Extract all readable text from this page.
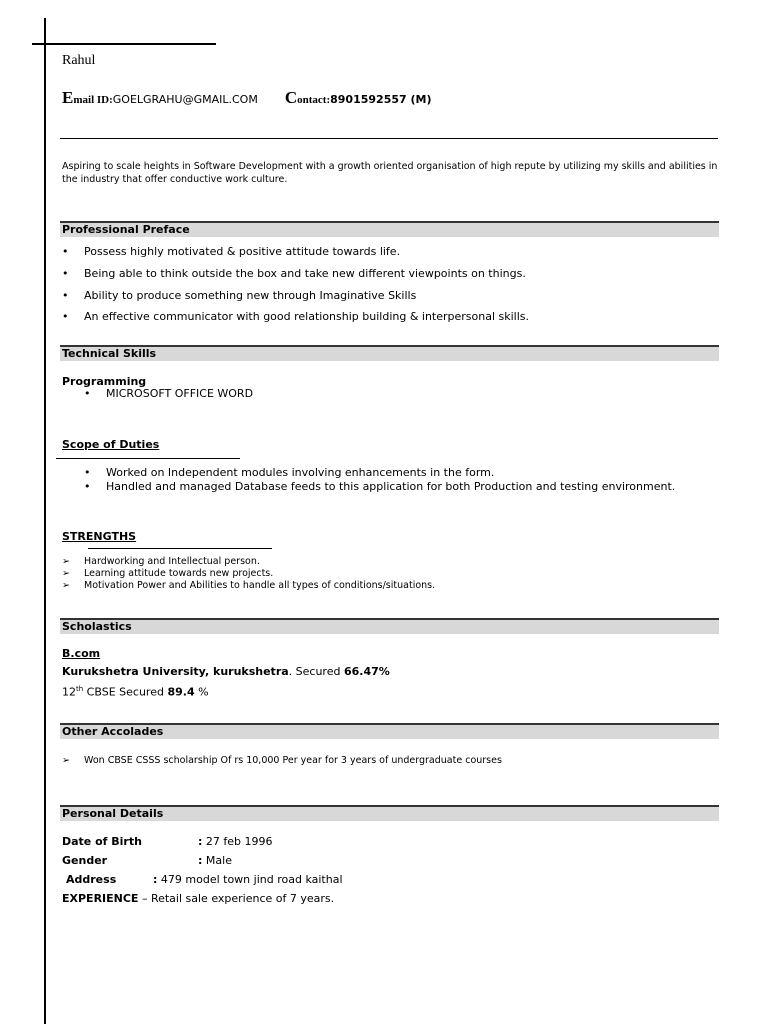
Rahul
Email ID:GOELGRAHU@GMAIL.COM Contact:8901592557 (M)
Aspiring to scale heights in Software Development with a growth oriented organisation of high repute by utilizing my skills and abilities in the industry that offer conductive work culture.
Professional Preface
• Possess highly motivated & positive attitude towards life.
• Being able to think outside the box and take new different viewpoints on things.
• Ability to produce something new through Imaginative Skills
• An effective communicator with good relationship building & interpersonal skills.
Technical Skills
Programming
• MICROSOFT OFFICE WORD
Scope of Duties
• Worked on Independent modules involving enhancements in the form.
• Handled and managed Database feeds to this application for both Production and testing environment.
STRENGTHS
➢ Hardworking and Intellectual person.
➢ Learning attitude towards new projects.
➢ Motivation Power and Abilities to handle all types of conditions/situations.
Scholastics
B.com
Kurukshetra University, kurukshetra. Secured 66.47%
12th CBSE Secured 89.4 %
Other Accolades
➢ Won CBSE CSSS scholarship Of rs 10,000 Per year for 3 years of undergraduate courses
Personal Details
Date of Birth	: 27 feb 1996
Gender	: Male
Address	: 479 model town jind road kaithal
EXPERIENCE – Retail sale experience of 7 years.
